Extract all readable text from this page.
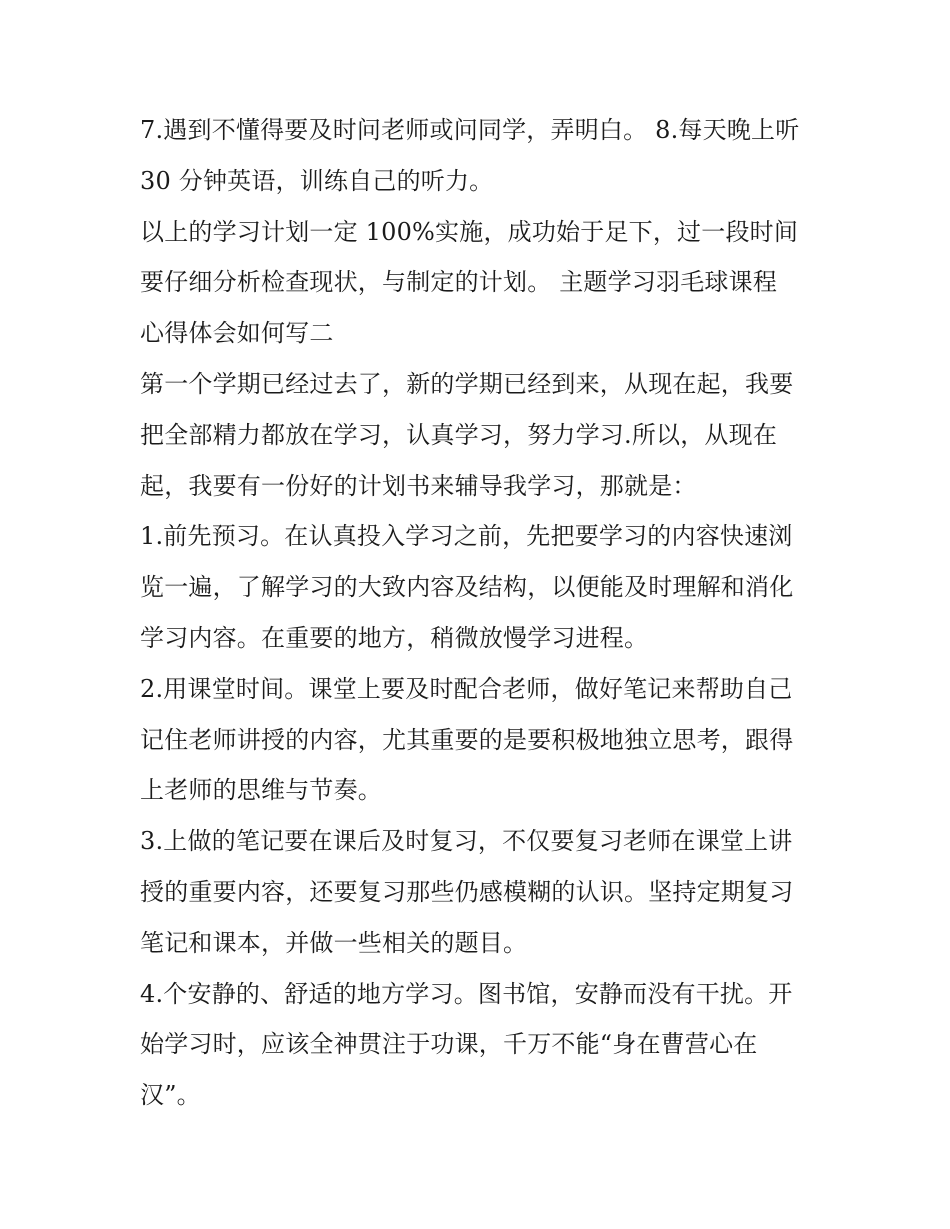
7.遇到不懂得要及时问老师或问同学，弄明白。 8.每天晚上听
30 分钟英语，训练自己的听力。
以上的学习计划一定 100%实施，成功始于足下，过一段时间
要仔细分析检查现状，与制定的计划。 主题学习羽毛球课程
心得体会如何写二
第一个学期已经过去了，新的学期已经到来，从现在起，我要
把全部精力都放在学习，认真学习，努力学习.所以，从现在
起，我要有一份好的计划书来辅导我学习，那就是：
1.前先预习。在认真投入学习之前，先把要学习的内容快速浏
览一遍，了解学习的大致内容及结构，以便能及时理解和消化
学习内容。在重要的地方，稍微放慢学习进程。
2.用课堂时间。课堂上要及时配合老师，做好笔记来帮助自己
记住老师讲授的内容，尤其重要的是要积极地独立思考，跟得
上老师的思维与节奏。
3.上做的笔记要在课后及时复习，不仅要复习老师在课堂上讲
授的重要内容，还要复习那些仍感模糊的认识。坚持定期复习
笔记和课本，并做一些相关的题目。
4.个安静的、舒适的地方学习。图书馆，安静而没有干扰。开
始学习时，应该全神贯注于功课，千万不能“身在曹营心在
汉”。
